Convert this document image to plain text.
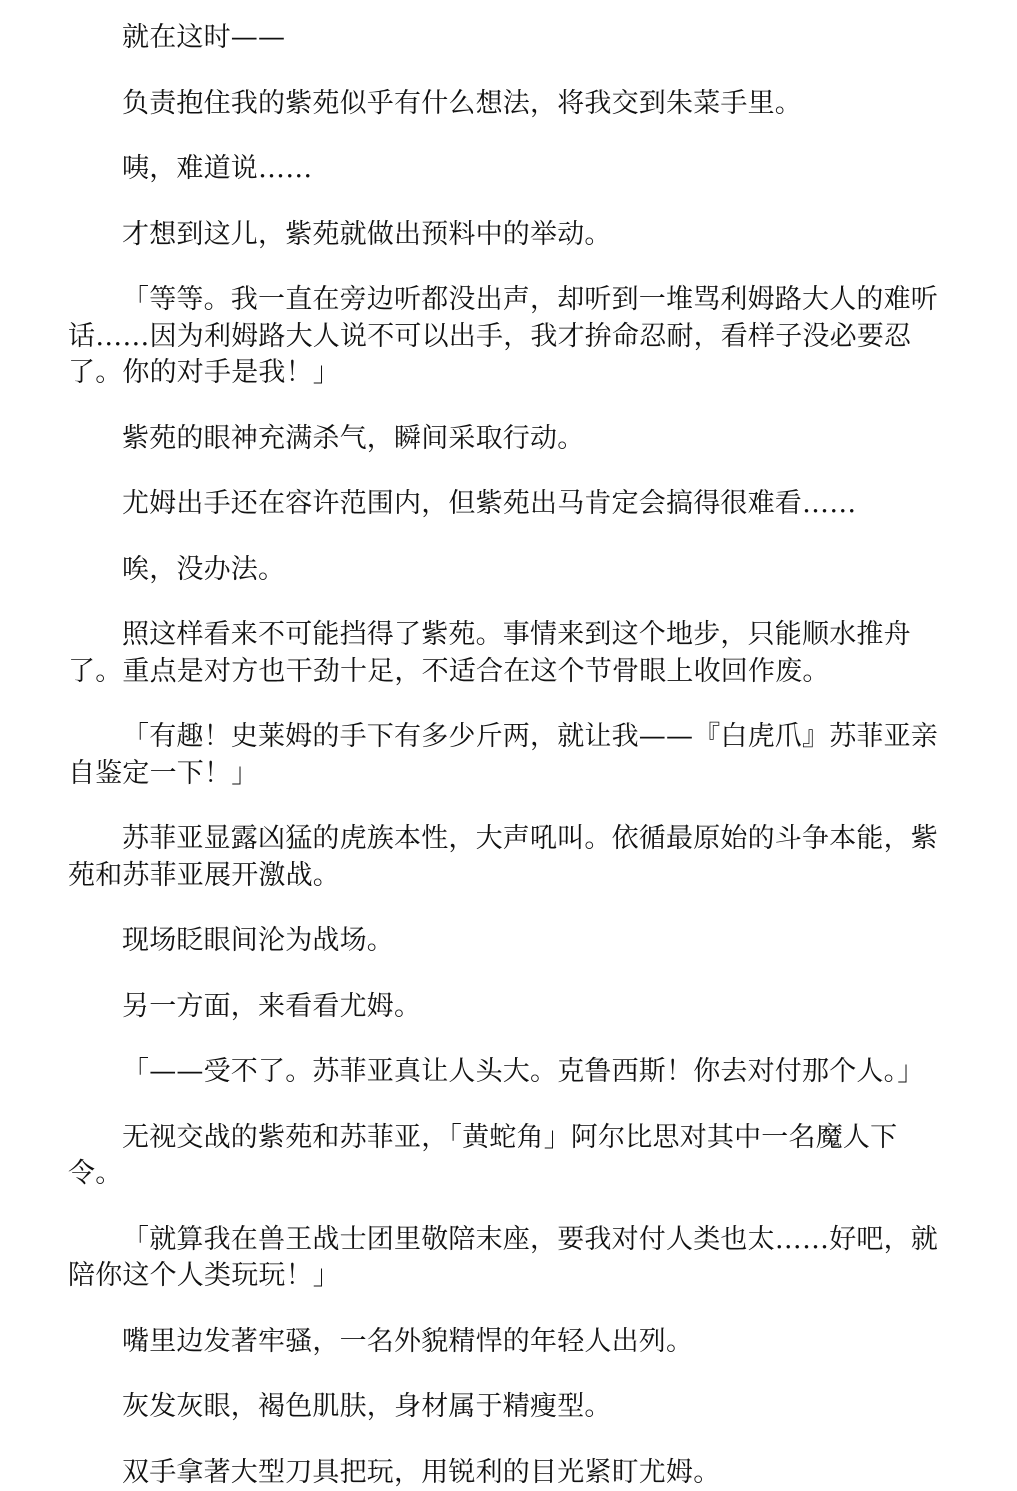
就在这时——

负责抱住我的紫苑似乎有什么想法，将我交到朱菜手里。

咦，难道说……

才想到这儿，紫苑就做出预料中的举动。

「等等。我一直在旁边听都没出声，却听到一堆骂利姆路大人的难听话……因为利姆路大人说不可以出手，我才拚命忍耐，看样子没必要忍了。你的对手是我！」

紫苑的眼神充满杀气，瞬间采取行动。

尤姆出手还在容许范围内，但紫苑出马肯定会搞得很难看……

唉，没办法。

照这样看来不可能挡得了紫苑。事情来到这个地步，只能顺水推舟了。重点是对方也干劲十足，不适合在这个节骨眼上收回作废。

「有趣！史莱姆的手下有多少斤两，就让我——『白虎爪』苏菲亚亲自鉴定一下！」

苏菲亚显露凶猛的虎族本性，大声吼叫。依循最原始的斗争本能，紫苑和苏菲亚展开激战。

现场眨眼间沦为战场。

另一方面，来看看尤姆。

「——受不了。苏菲亚真让人头大。克鲁西斯！你去对付那个人。」

无视交战的紫苑和苏菲亚，「黄蛇角」阿尔比思对其中一名魔人下令。

「就算我在兽王战士团里敬陪末座，要我对付人类也太……好吧，就陪你这个人类玩玩！」

嘴里边发著牢骚，一名外貌精悍的年轻人出列。

灰发灰眼，褐色肌肤，身材属于精瘦型。

双手拿著大型刀具把玩，用锐利的目光紧盯尤姆。
